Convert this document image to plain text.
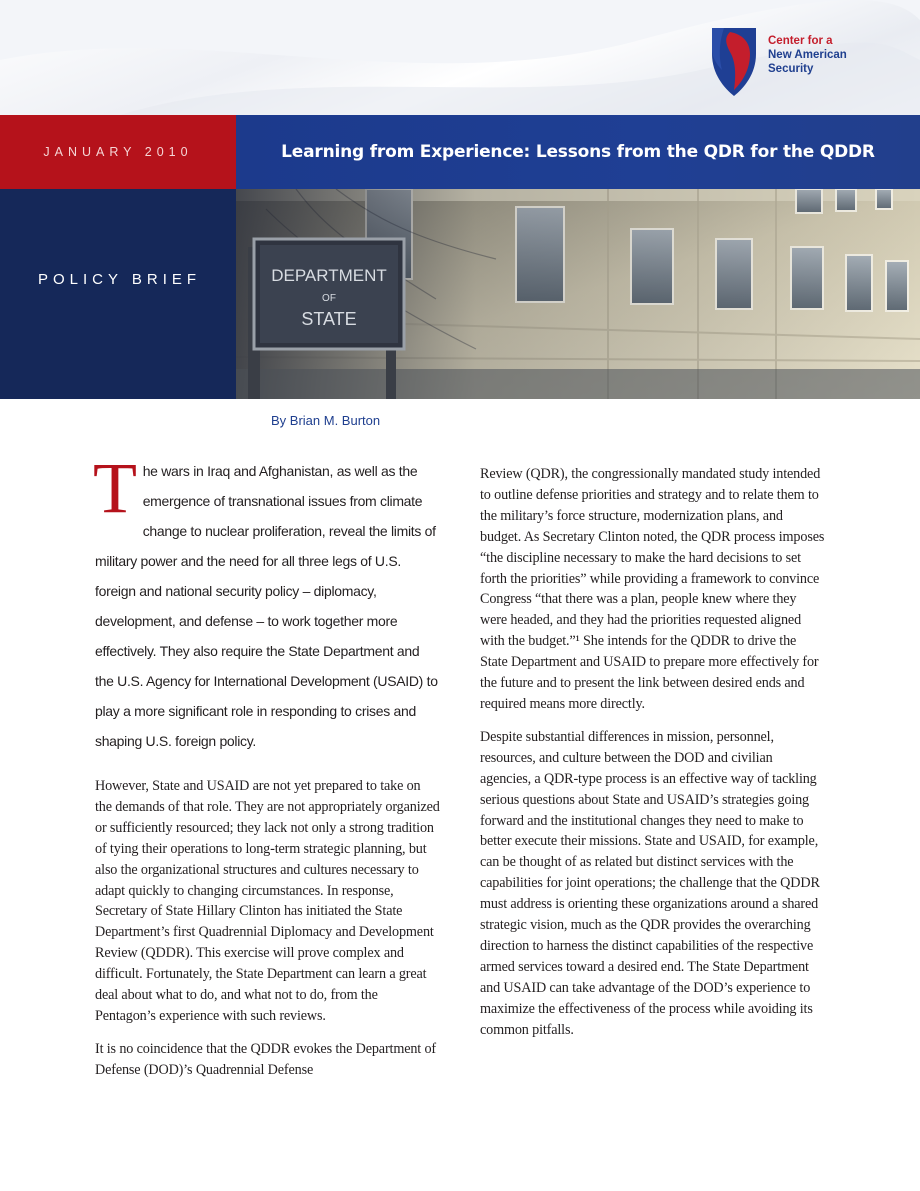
Center for a
New American
Security
JANUARY 2010	Learning from Experience: Lessons from the QDR for the QDDR
POLICY BRIEF	DEPARTMENT
OF
STATE
By Brian M. Burton
The wars in Iraq and Afghanistan, as well as the emergence of transnational issues from climate change to nuclear proliferation, reveal the limits of military power and the need for all three legs of U.S. foreign and national security policy – diplomacy, development, and defense – to work together more effectively. They also require the State Department and the U.S. Agency for International Development (USAID) to play a more significant role in responding to crises and shaping U.S. foreign policy.

However, State and USAID are not yet prepared to take on the demands of that role. They are not appropriately organized or sufficiently resourced; they lack not only a strong tradition of tying their operations to long-term strategic planning, but also the organizational structures and cultures necessary to adapt quickly to changing circumstances. In response, Secretary of State Hillary Clinton has initiated the State Department’s first Quadrennial Diplomacy and Development Review (QDDR). This exercise will prove complex and difficult. Fortunately, the State Department can learn a great deal about what to do, and what not to do, from the Pentagon’s experience with such reviews.

It is no coincidence that the QDDR evokes the Department of Defense (DOD)’s Quadrennial Defense

Review (QDR), the congressionally mandated study intended to outline defense priorities and strategy and to relate them to the military’s force structure, modernization plans, and budget. As Secretary Clinton noted, the QDR process imposes “the discipline necessary to make the hard decisions to set forth the priorities” while providing a framework to convince Congress “that there was a plan, people knew where they were headed, and they had the priorities requested aligned with the budget.”¹ She intends for the QDDR to drive the State Department and USAID to prepare more effectively for the future and to present the link between desired ends and required means more directly.

Despite substantial differences in mission, personnel, resources, and culture between the DOD and civilian agencies, a QDR-type process is an effective way of tackling serious questions about State and USAID’s strategies going forward and the institutional changes they need to make to better execute their missions. State and USAID, for example, can be thought of as related but distinct services with the capabilities for joint operations; the challenge that the QDDR must address is orienting these organizations around a shared strategic vision, much as the QDR provides the overarching direction to harness the distinct capabilities of the respective armed services toward a desired end. The State Department and USAID can take advantage of the DOD’s experience to maximize the effectiveness of the process while avoiding its common pitfalls.
